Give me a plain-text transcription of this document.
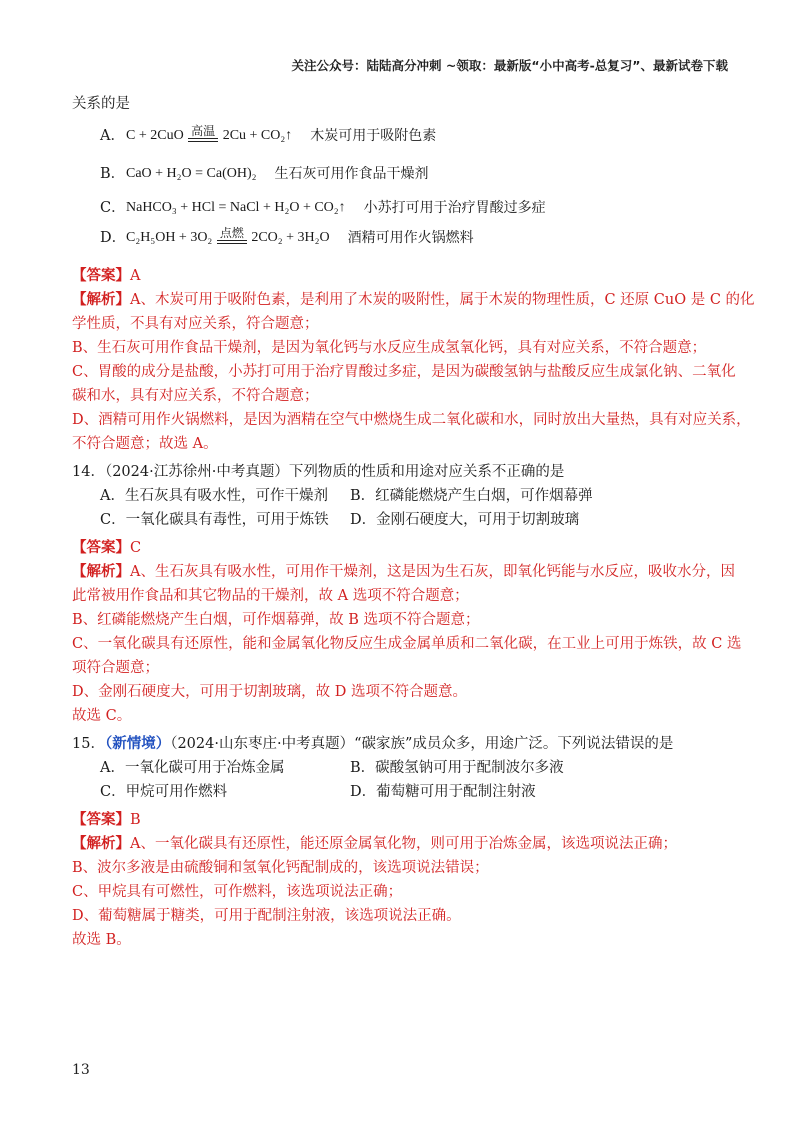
关注公众号：陆陆高分冲刺 ~领取：最新版“小中高考-总复习”、最新试卷下载
关系的是
A． C + 2CuO 高温 2Cu + CO₂↑ 木炭可用于吸附色素
B． CaO + H₂O = Ca(OH)₂ 生石灰可用作食品干燥剂
C． NaHCO₃ + HCl = NaCl + H₂O + CO₂↑ 小苏打可用于治疗胃酸过多症
D． C₂H₅OH + 3O₂ 点燃 2CO₂ + 3H₂O 酒精可用作火锅燃料
【答案】A
【解析】A、木炭可用于吸附色素，是利用了木炭的吸附性，属于木炭的物理性质，C 还原 CuO 是 C 的化
学性质，不具有对应关系，符合题意；
B、生石灰可用作食品干燥剂，是因为氧化钙与水反应生成氢氧化钙，具有对应关系，不符合题意；
C、胃酸的成分是盐酸，小苏打可用于治疗胃酸过多症，是因为碳酸氢钠与盐酸反应生成氯化钠、二氧化
碳和水，具有对应关系，不符合题意；
D、酒精可用作火锅燃料，是因为酒精在空气中燃烧生成二氧化碳和水，同时放出大量热，具有对应关系，
不符合题意；故选 A。
14．（2024·江苏徐州·中考真题）下列物质的性质和用途对应关系不正确的是
A．生石灰具有吸水性，可作干燥剂	B．红磷能燃烧产生白烟，可作烟幕弹
C．一氧化碳具有毒性，可用于炼铁	D．金刚石硬度大，可用于切割玻璃
【答案】C
【解析】A、生石灰具有吸水性，可用作干燥剂，这是因为生石灰，即氧化钙能与水反应，吸收水分，因
此常被用作食品和其它物品的干燥剂，故 A 选项不符合题意；
B、红磷能燃烧产生白烟，可作烟幕弹，故 B 选项不符合题意；
C、一氧化碳具有还原性，能和金属氧化物反应生成金属单质和二氧化碳，在工业上可用于炼铁，故 C 选
项符合题意；
D、金刚石硬度大，可用于切割玻璃，故 D 选项不符合题意。
故选 C。
15．（新情境）（2024·山东枣庄·中考真题）“碳家族”成员众多，用途广泛。下列说法错误的是
A．一氧化碳可用于冶炼金属	B．碳酸氢钠可用于配制波尔多液
C．甲烷可用作燃料	D．葡萄糖可用于配制注射液
【答案】B
【解析】A、一氧化碳具有还原性，能还原金属氧化物，则可用于冶炼金属，该选项说法正确；
B、波尔多液是由硫酸铜和氢氧化钙配制成的，该选项说法错误；
C、甲烷具有可燃性，可作燃料，该选项说法正确；
D、葡萄糖属于糖类，可用于配制注射液，该选项说法正确。
故选 B。
13
